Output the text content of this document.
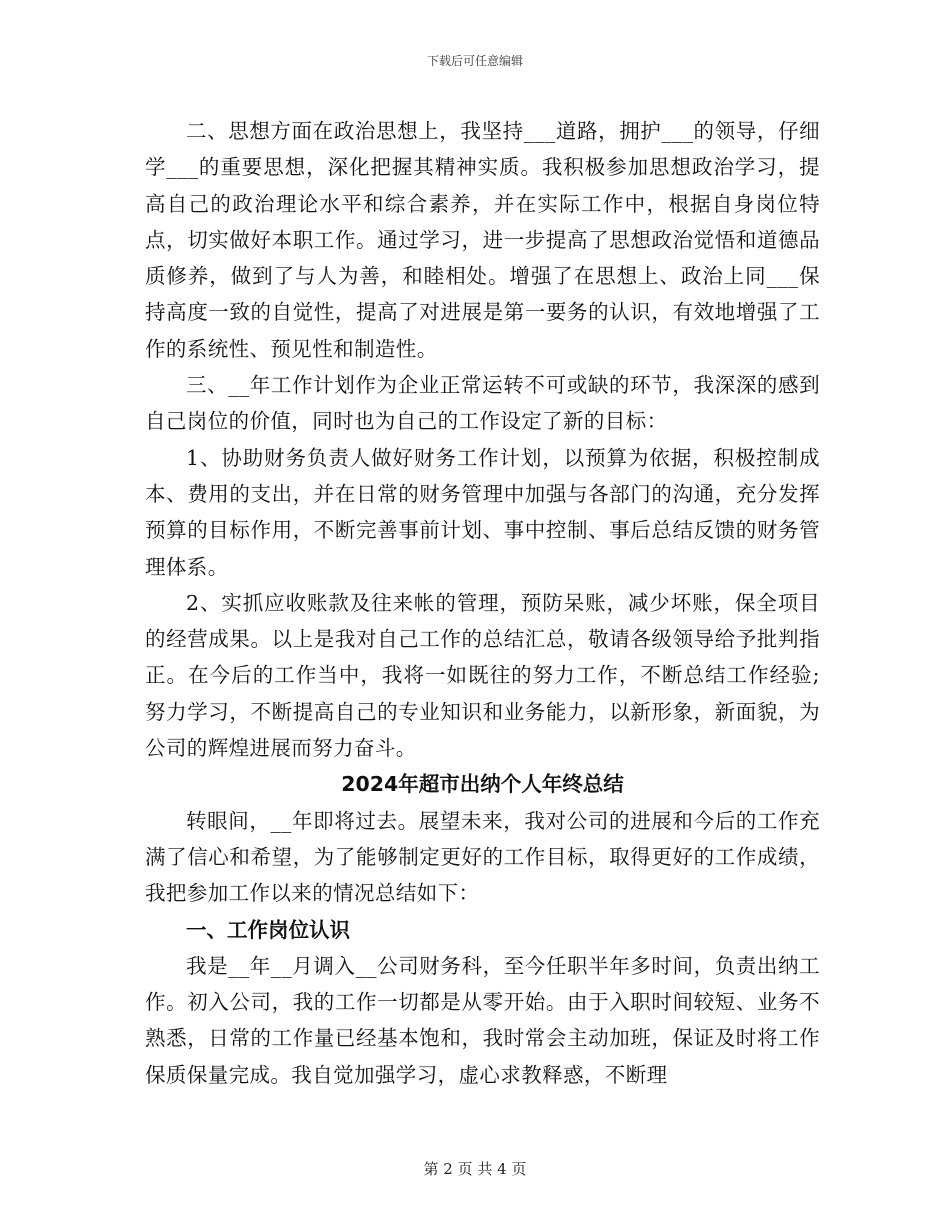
下载后可任意编辑

二、思想方面在政治思想上，我坚持___道路，拥护___的领导，仔细学___的重要思想，深化把握其精神实质。我积极参加思想政治学习，提高自己的政治理论水平和综合素养，并在实际工作中，根据自身岗位特点，切实做好本职工作。通过学习，进一步提高了思想政治觉悟和道德品质修养，做到了与人为善，和睦相处。增强了在思想上、政治上同___保持高度一致的自觉性，提高了对进展是第一要务的认识，有效地增强了工作的系统性、预见性和制造性。

三、__年工作计划作为企业正常运转不可或缺的环节，我深深的感到自己岗位的价值，同时也为自己的工作设定了新的目标：

1、协助财务负责人做好财务工作计划，以预算为依据，积极控制成本、费用的支出，并在日常的财务管理中加强与各部门的沟通，充分发挥预算的目标作用，不断完善事前计划、事中控制、事后总结反馈的财务管理体系。

2、实抓应收账款及往来帐的管理，预防呆账，减少坏账，保全项目的经营成果。以上是我对自己工作的总结汇总，敬请各级领导给予批判指正。在今后的工作当中，我将一如既往的努力工作，不断总结工作经验;努力学习，不断提高自己的专业知识和业务能力，以新形象，新面貌，为公司的辉煌进展而努力奋斗。

2024年超市出纳个人年终总结

转眼间，__年即将过去。展望未来，我对公司的进展和今后的工作充满了信心和希望，为了能够制定更好的工作目标，取得更好的工作成绩，我把参加工作以来的情况总结如下：

一、工作岗位认识

我是__年__月调入__公司财务科，至今任职半年多时间，负责出纳工作。初入公司，我的工作一切都是从零开始。由于入职时间较短、业务不熟悉，日常的工作量已经基本饱和，我时常会主动加班，保证及时将工作保质保量完成。我自觉加强学习，虚心求教释惑，不断理

第 2 页 共 4 页
